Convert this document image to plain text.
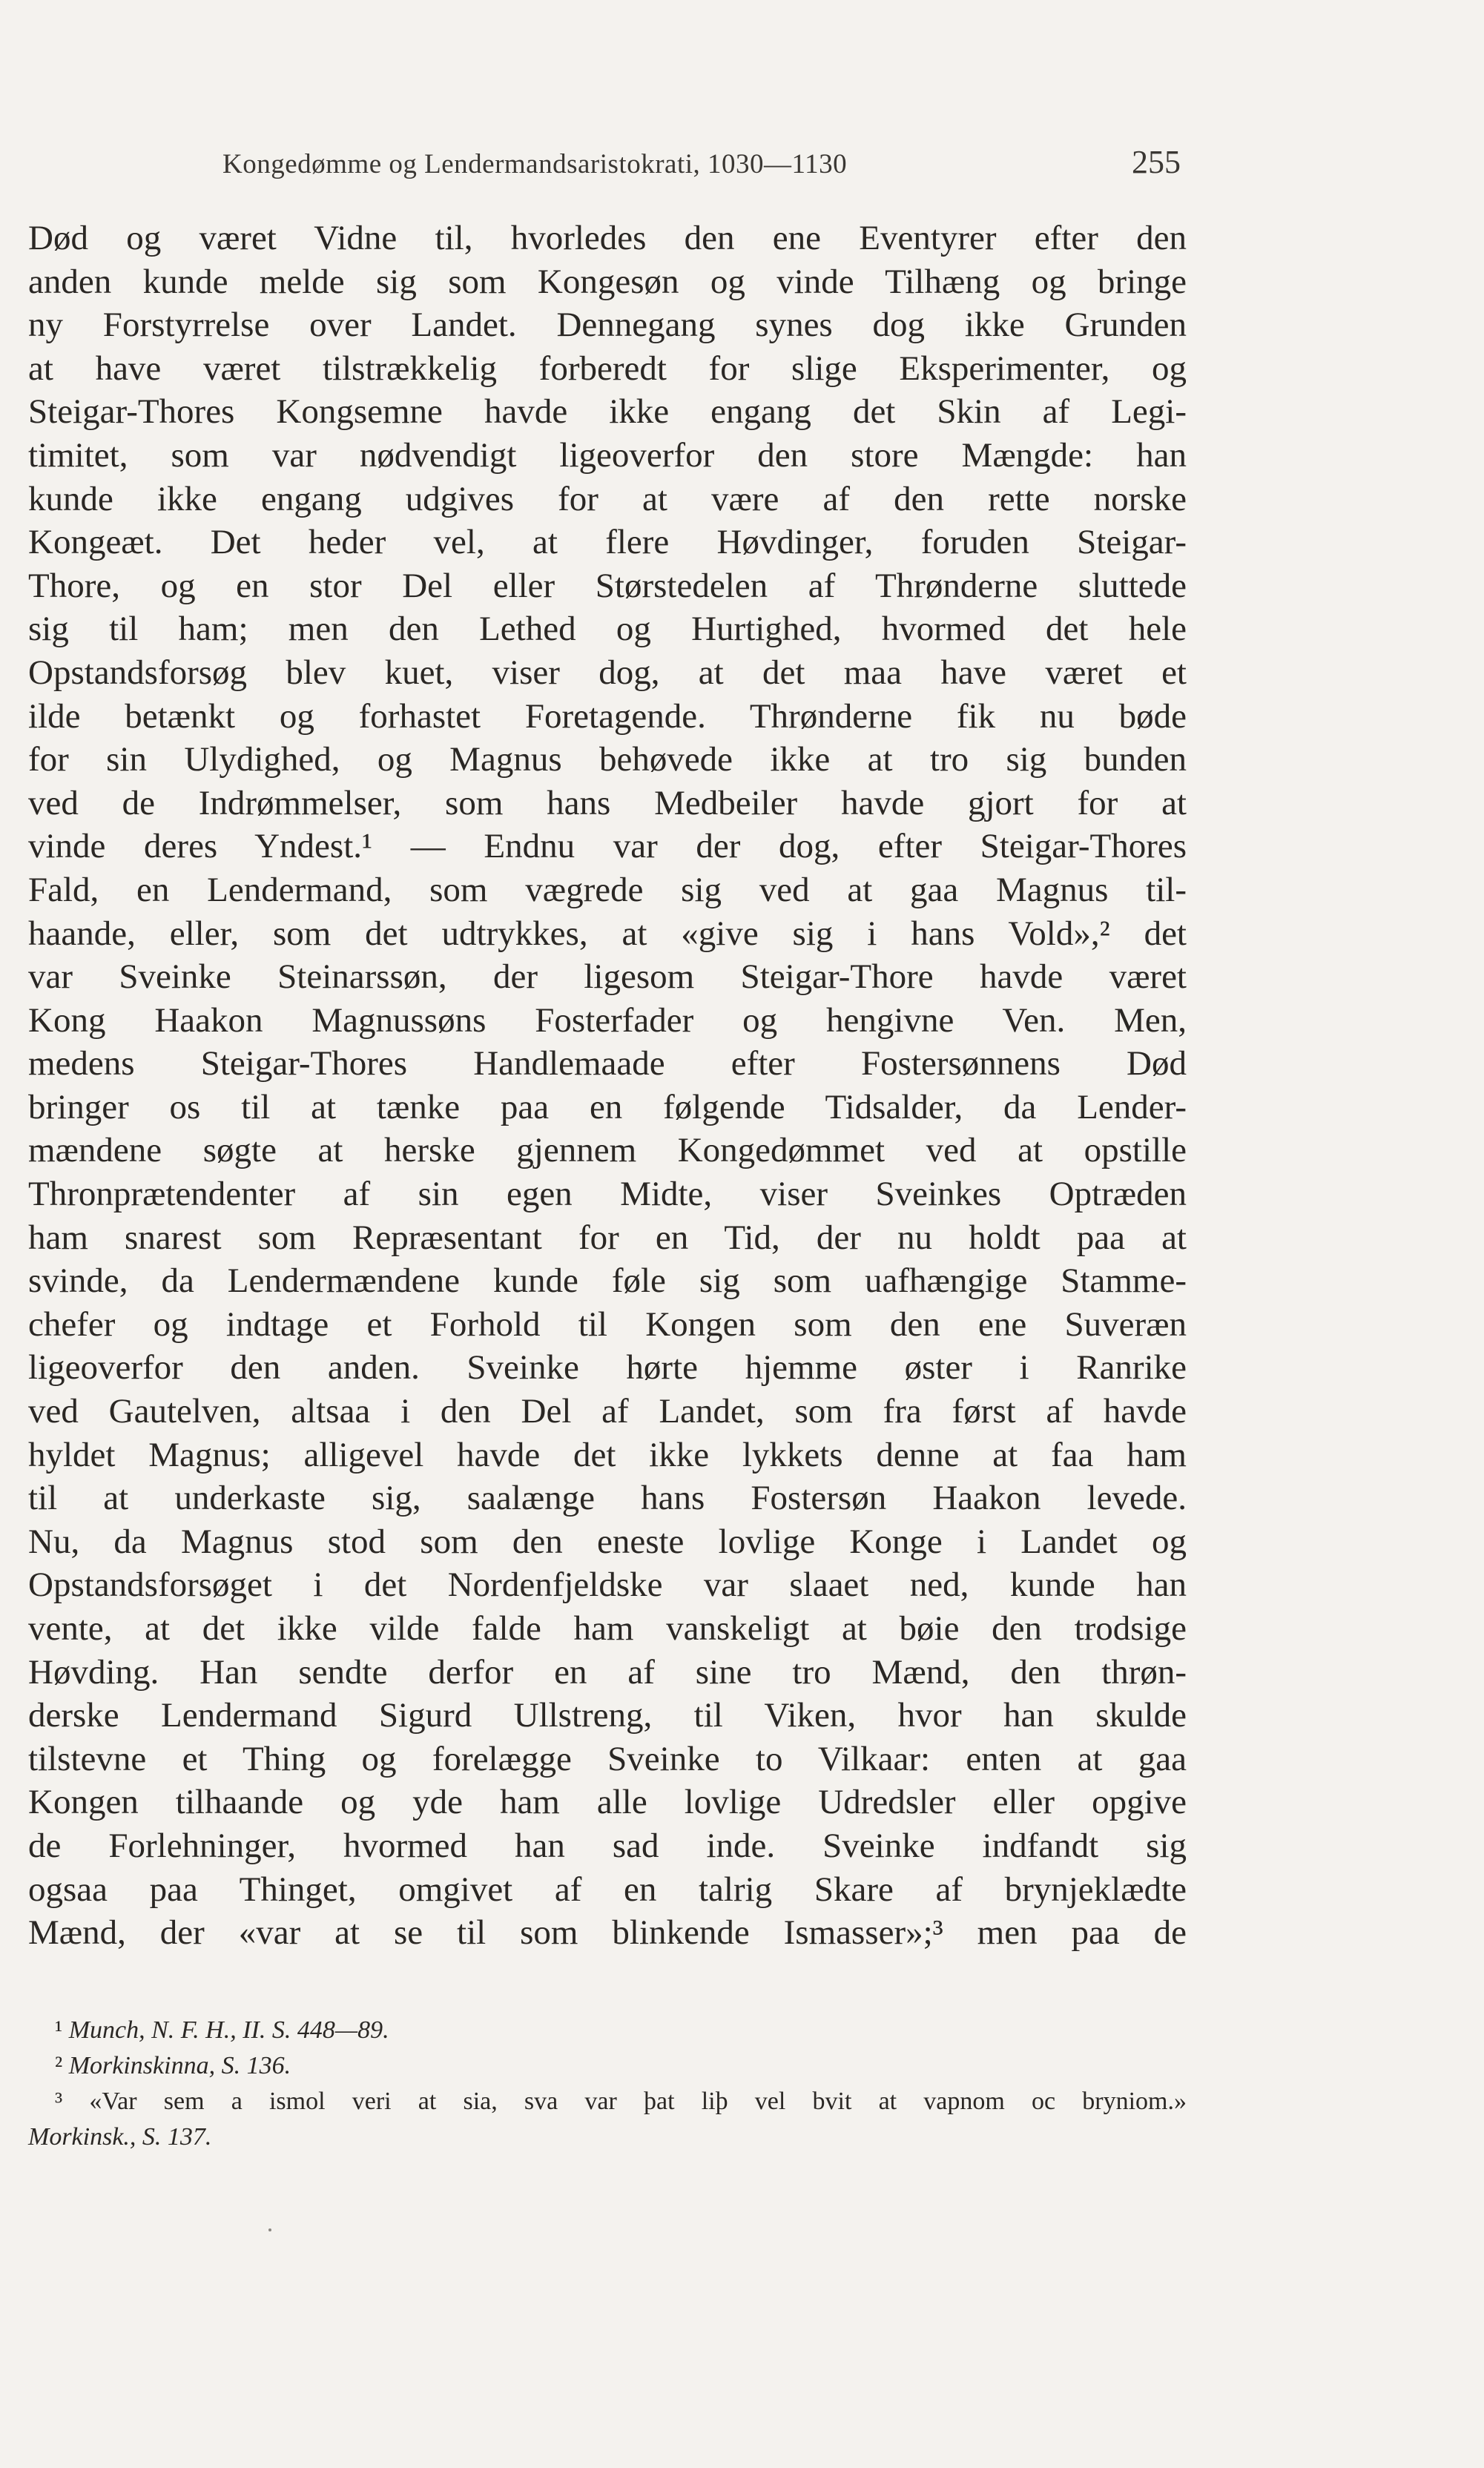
Kongedømme og Lendermandsaristokrati, 1030—1130	255
Død og været Vidne til, hvorledes den ene Eventyrer efter den
anden kunde melde sig som Kongesøn og vinde Tilhæng og bringe
ny Forstyrrelse over Landet. Dennegang synes dog ikke Grunden
at have været tilstrækkelig forberedt for slige Eksperimenter, og
Steigar-Thores Kongsemne havde ikke engang det Skin af Legi-
timitet, som var nødvendigt ligeoverfor den store Mængde: han
kunde ikke engang udgives for at være af den rette norske
Kongeæt. Det heder vel, at flere Høvdinger, foruden Steigar-
Thore, og en stor Del eller Størstedelen af Thrønderne sluttede
sig til ham; men den Lethed og Hurtighed, hvormed det hele
Opstandsforsøg blev kuet, viser dog, at det maa have været et
ilde betænkt og forhastet Foretagende. Thrønderne fik nu bøde
for sin Ulydighed, og Magnus behøvede ikke at tro sig bunden
ved de Indrømmelser, som hans Medbeiler havde gjort for at
vinde deres Yndest.¹ — Endnu var der dog, efter Steigar-Thores
Fald, en Lendermand, som vægrede sig ved at gaa Magnus til-
haande, eller, som det udtrykkes, at «give sig i hans Vold»,² det
var Sveinke Steinarssøn, der ligesom Steigar-Thore havde været
Kong Haakon Magnussøns Fosterfader og hengivne Ven. Men,
medens Steigar-Thores Handlemaade efter Fostersønnens Død
bringer os til at tænke paa en følgende Tidsalder, da Lender-
mændene søgte at herske gjennem Kongedømmet ved at opstille
Thronprætendenter af sin egen Midte, viser Sveinkes Optræden
ham snarest som Repræsentant for en Tid, der nu holdt paa at
svinde, da Lendermændene kunde føle sig som uafhængige Stamme-
chefer og indtage et Forhold til Kongen som den ene Suveræn
ligeoverfor den anden. Sveinke hørte hjemme øster i Ranrike
ved Gautelven, altsaa i den Del af Landet, som fra først af havde
hyldet Magnus; alligevel havde det ikke lykkets denne at faa ham
til at underkaste sig, saalænge hans Fostersøn Haakon levede.
Nu, da Magnus stod som den eneste lovlige Konge i Landet og
Opstandsforsøget i det Nordenfjeldske var slaaet ned, kunde han
vente, at det ikke vilde falde ham vanskeligt at bøie den trodsige
Høvding. Han sendte derfor en af sine tro Mænd, den thrøn-
derske Lendermand Sigurd Ullstreng, til Viken, hvor han skulde
tilstevne et Thing og forelægge Sveinke to Vilkaar: enten at gaa
Kongen tilhaande og yde ham alle lovlige Udredsler eller opgive
de Forlehninger, hvormed han sad inde. Sveinke indfandt sig
ogsaa paa Thinget, omgivet af en talrig Skare af brynjeklædte
Mænd, der «var at se til som blinkende Ismasser»;³ men paa de
¹ Munch, N. F. H., II. S. 448—89.
² Morkinskinna, S. 136.
³ «Var sem a ismol veri at sia, sva var þat liþ vel bvit at vapnom oc bryniom.»
Morkinsk., S. 137.
